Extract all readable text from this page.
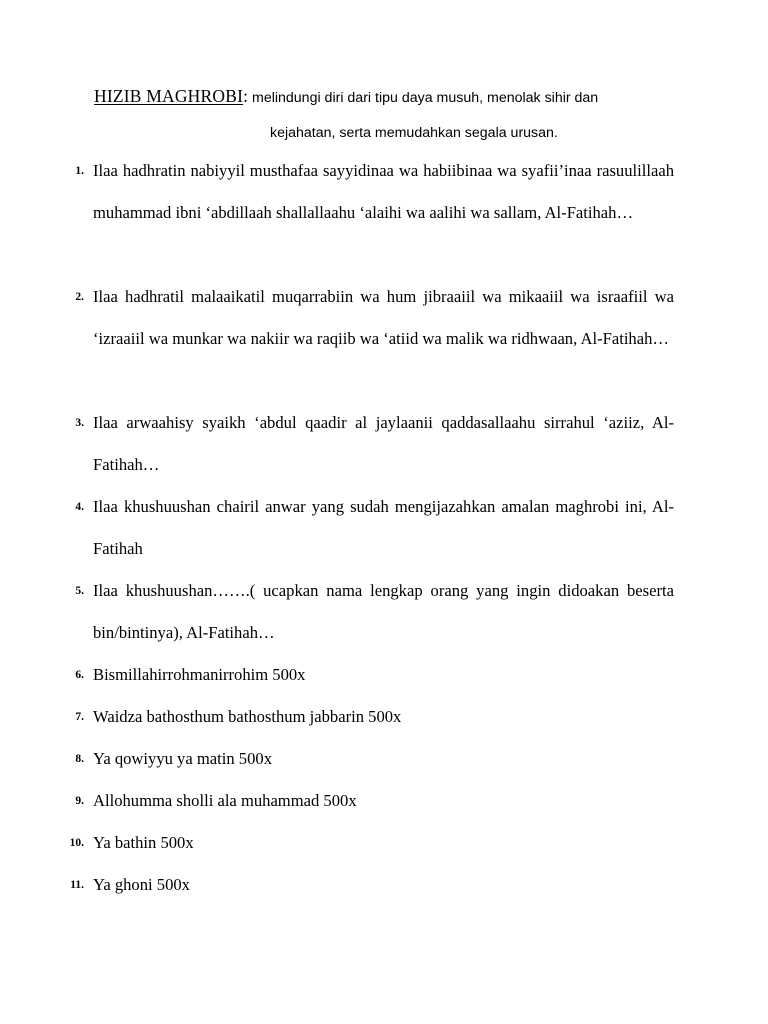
HIZIB MAGHROBI: melindungi diri dari tipu daya musuh, menolak sihir dan
kejahatan, serta memudahkan segala urusan.
1. Ilaa hadhratin nabiyyil musthafaa sayyidinaa wa habiibinaa wa syafii’inaa rasuulillaah muhammad ibni ‘abdillaah shallallaahu ‘alaihi wa aalihi wa sallam, Al-Fatihah…
2. Ilaa hadhratil malaaikatil muqarrabiin wa hum jibraaiil wa mikaaiil wa israafiil wa ‘izraaiil wa munkar wa nakiir wa raqiib wa ‘atiid wa malik wa ridhwaan, Al-Fatihah…
3. Ilaa arwaahisy syaikh ‘abdul qaadir al jaylaanii qaddasallaahu sirrahul ‘aziiz, Al-Fatihah…
4. Ilaa khushuushan chairil anwar yang sudah mengijazahkan amalan maghrobi ini, Al-Fatihah
5. Ilaa khushuushan…….( ucapkan nama lengkap orang yang ingin didoakan beserta bin/bintinya), Al-Fatihah…
6. Bismillahirrohmanirrohim 500x
7. Waidza bathosthum bathosthum jabbarin 500x
8. Ya qowiyyu ya matin 500x
9. Allohumma sholli ala muhammad 500x
10. Ya bathin 500x
11. Ya ghoni 500x
